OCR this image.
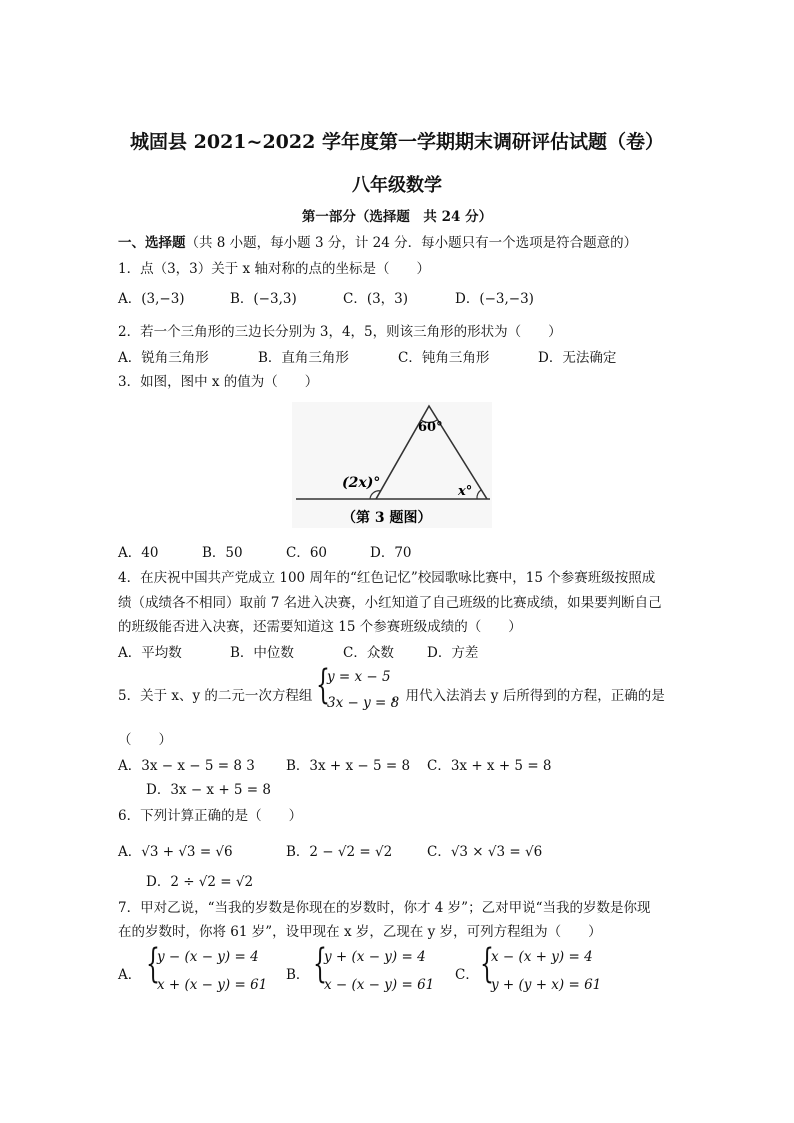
城固县 2021~2022 学年度第一学期期末调研评估试题（卷）
八年级数学
第一部分（选择题　共 24 分）
一、选择题（共 8 小题，每小题 3 分，计 24 分．每小题只有一个选项是符合题意的）
1．点（3，3）关于 x 轴对称的点的坐标是（　　）
A．(3,−3)	B．(−3,3)	C．(3，3)	D．(−3,−3)
2．若一个三角形的三边长分别为 3，4，5，则该三角形的形状为（　　）
A．锐角三角形	B．直角三角形	C．钝角三角形	D．无法确定
3．如图，图中 x 的值为（　　）
60°
(2x)°
x°
（第 3 题图）
A．40	B．50	C．60	D．70
4．在庆祝中国共产党成立 100 周年的“红色记忆”校园歌咏比赛中，15 个参赛班级按照成
绩（成绩各不相同）取前 7 名进入决赛，小红知道了自己班级的比赛成绩，如果要判断自己
的班级能否进入决赛，还需要知道这 15 个参赛班级成绩的（　　）
A．平均数	B．中位数	C．众数 D．方差
5．关于 x、y 的二元一次方程组 {
y = x − 5
3x − y = 8
，用代入法消去 y 后所得到的方程，正确的是
（　　）
A．3x − x − 5 = 8 3 B．3x + x − 5 = 8 C．3x + x + 5 = 8
D．3x − x + 5 = 8
6．下列计算正确的是（　　）
A．√3 + √3 = √6	B．2 − √2 = √2	C．√3 × √3 = √6
D．2 ÷ √2 = √2
7．甲对乙说，“当我的岁数是你现在的岁数时，你才 4 岁”；乙对甲说“当我的岁数是你现
在的岁数时，你将 61 岁”，设甲现在 x 岁，乙现在 y 岁，可列方程组为（　　）
A． {
y − (x − y) = 4
x + (x − y) = 61
B． {
y + (x − y) = 4
x − (x − y) = 61
C． {
x − (x + y) = 4
y + (y + x) = 61
